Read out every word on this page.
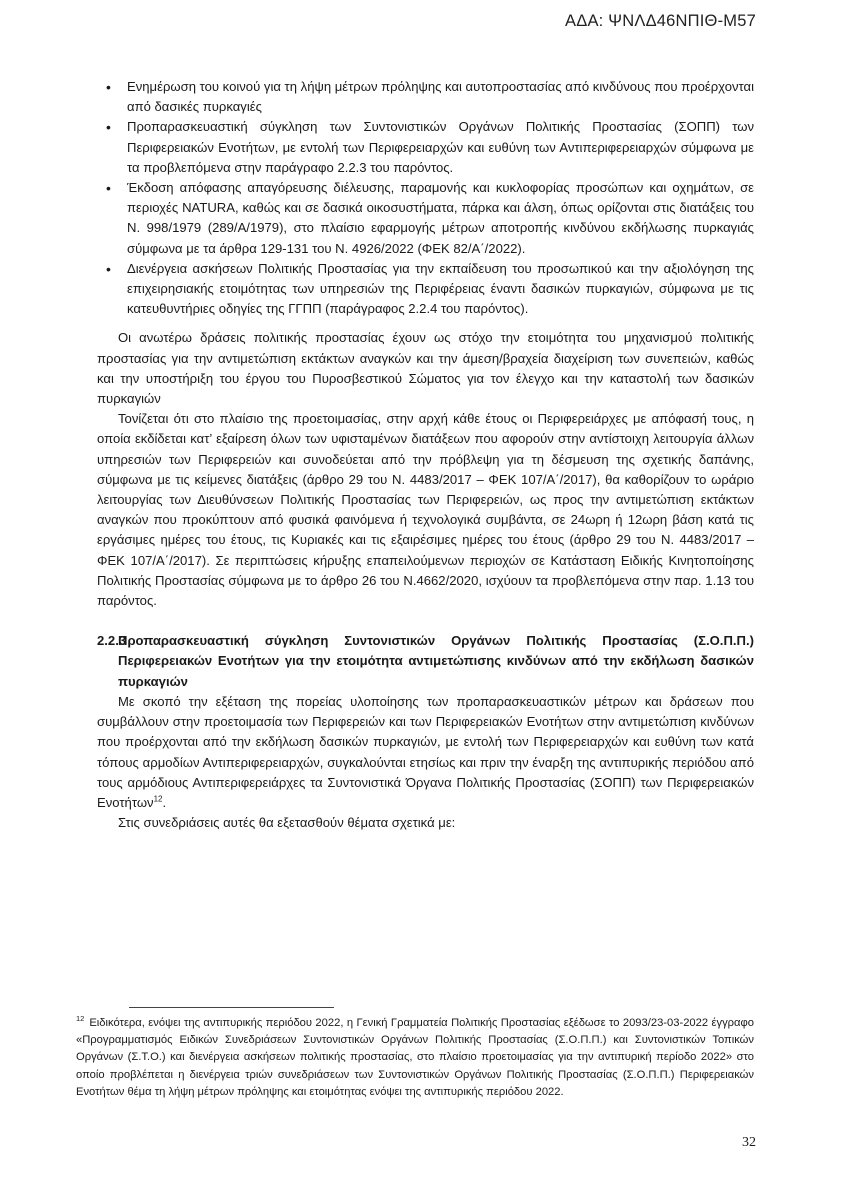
ΑΔΑ: ΨΝΛΔ46ΝΠΙΘ-Μ57
• Ενημέρωση του κοινού για τη λήψη μέτρων πρόληψης και αυτοπροστασίας από κινδύνους που προέρχονται από δασικές πυρκαγιές
• Προπαρασκευαστική σύγκληση των Συντονιστικών Οργάνων Πολιτικής Προστασίας (ΣΟΠΠ) των Περιφερειακών Ενοτήτων, με εντολή των Περιφερειαρχών και ευθύνη των Αντιπεριφερειαρχών σύμφωνα με τα προβλεπόμενα στην παράγραφο 2.2.3 του παρόντος.
• Έκδοση απόφασης απαγόρευσης διέλευσης, παραμονής και κυκλοφορίας προσώπων και οχημάτων, σε περιοχές NATURA, καθώς και σε δασικά οικοσυστήματα, πάρκα και άλση, όπως ορίζονται στις διατάξεις του Ν. 998/1979 (289/Α/1979), στο πλαίσιο εφαρμογής μέτρων αποτροπής κινδύνου εκδήλωσης πυρκαγιάς σύμφωνα με τα άρθρα 129-131 του Ν. 4926/2022 (ΦΕΚ 82/Α΄/2022).
• Διενέργεια ασκήσεων Πολιτικής Προστασίας για την εκπαίδευση του προσωπικού και την αξιολόγηση της επιχειρησιακής ετοιμότητας των υπηρεσιών της Περιφέρειας έναντι δασικών πυρκαγιών, σύμφωνα με τις κατευθυντήριες οδηγίες της ΓΓΠΠ (παράγραφος 2.2.4 του παρόντος).

Οι ανωτέρω δράσεις πολιτικής προστασίας έχουν ως στόχο την ετοιμότητα του μηχανισμού πολιτικής προστασίας για την αντιμετώπιση εκτάκτων αναγκών και την άμεση/βραχεία διαχείριση των συνεπειών, καθώς και την υποστήριξη του έργου του Πυροσβεστικού Σώματος για τον έλεγχο και την καταστολή των δασικών πυρκαγιών

Τονίζεται ότι στο πλαίσιο της προετοιμασίας, στην αρχή κάθε έτους οι Περιφερειάρχες με απόφασή τους, η οποία εκδίδεται κατ’ εξαίρεση όλων των υφισταμένων διατάξεων που αφορούν στην αντίστοιχη λειτουργία άλλων υπηρεσιών των Περιφερειών και συνοδεύεται από την πρόβλεψη για τη δέσμευση της σχετικής δαπάνης, σύμφωνα με τις κείμενες διατάξεις (άρθρο 29 του Ν. 4483/2017 – ΦΕΚ 107/Α΄/2017), θα καθορίζουν το ωράριο λειτουργίας των Διευθύνσεων Πολιτικής Προστασίας των Περιφερειών, ως προς την αντιμετώπιση εκτάκτων αναγκών που προκύπτουν από φυσικά φαινόμενα ή τεχνολογικά συμβάντα, σε 24ωρη ή 12ωρη βάση κατά τις εργάσιμες ημέρες του έτους, τις Κυριακές και τις εξαιρέσιμες ημέρες του έτους (άρθρο 29 του Ν. 4483/2017 – ΦΕΚ 107/Α΄/2017). Σε περιπτώσεις κήρυξης επαπειλούμενων περιοχών σε Κατάσταση Ειδικής Κινητοποίησης Πολιτικής Προστασίας σύμφωνα με το άρθρο 26 του Ν.4662/2020, ισχύουν τα προβλεπόμενα στην παρ. 1.13 του παρόντος.

2.2.3Προπαρασκευαστική σύγκληση Συντονιστικών Οργάνων Πολιτικής Προστασίας (Σ.Ο.Π.Π.) Περιφερειακών Ενοτήτων για την ετοιμότητα αντιμετώπισης κινδύνων από την εκδήλωση δασικών πυρκαγιών

Με σκοπό την εξέταση της πορείας υλοποίησης των προπαρασκευαστικών μέτρων και δράσεων που συμβάλλουν στην προετοιμασία των Περιφερειών και των Περιφερειακών Ενοτήτων στην αντιμετώπιση κινδύνων που προέρχονται από την εκδήλωση δασικών πυρκαγιών, με εντολή των Περιφερειαρχών και ευθύνη των κατά τόπους αρμοδίων Αντιπεριφερειαρχών, συγκαλούνται ετησίως και πριν την έναρξη της αντιπυρικής περιόδου από τους αρμόδιους Αντιπεριφερειάρχες τα Συντονιστικά Όργανα Πολιτικής Προστασίας (ΣΟΠΠ) των Περιφερειακών Ενοτήτων$^{12}$.

Στις συνεδριάσεις αυτές θα εξετασθούν θέματα σχετικά με:

$^{12}$ Ειδικότερα, ενόψει της αντιπυρικής περιόδου 2022, η Γενική Γραμματεία Πολιτικής Προστασίας εξέδωσε το 2093/23-03-2022 έγγραφο «Προγραμματισμός Ειδικών Συνεδριάσεων Συντονιστικών Οργάνων Πολιτικής Προστασίας (Σ.Ο.Π.Π.) και Συντονιστικών Τοπικών Οργάνων (Σ.Τ.Ο.) και διενέργεια ασκήσεων πολιτικής προστασίας, στο πλαίσιο προετοιμασίας για την αντιπυρική περίοδο 2022» στο οποίο προβλέπεται η διενέργεια τριών συνεδριάσεων των Συντονιστικών Οργάνων Πολιτικής Προστασίας (Σ.Ο.Π.Π.) Περιφερειακών Ενοτήτων θέμα τη λήψη μέτρων πρόληψης και ετοιμότητας ενόψει της αντιπυρικής περιόδου 2022.
32
